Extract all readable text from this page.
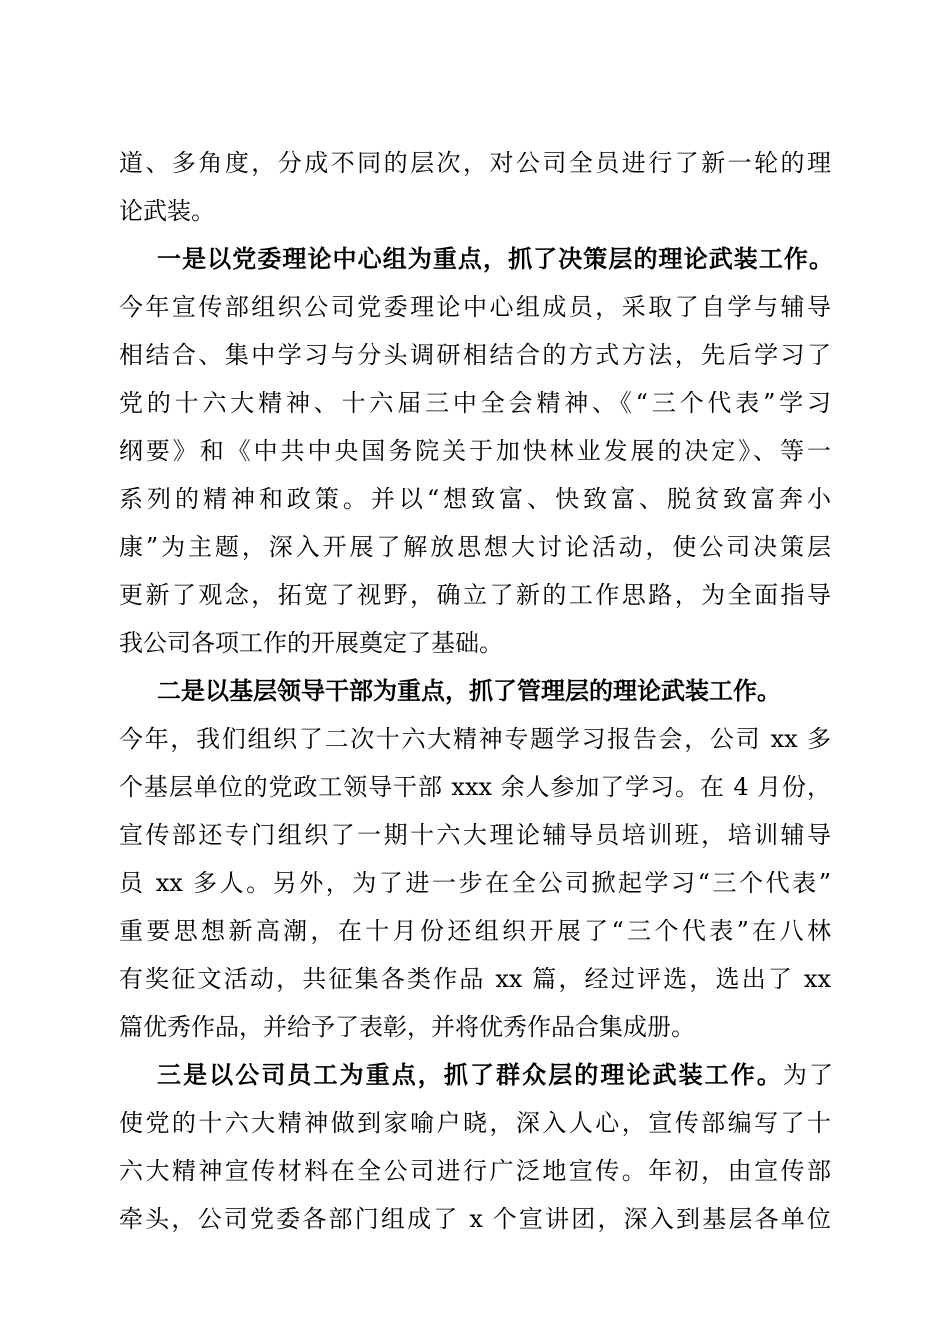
道、多角度，分成不同的层次，对公司全员进行了新一轮的理
论武装。
一是以党委理论中心组为重点，抓了决策层的理论武装工作。
今年宣传部组织公司党委理论中心组成员，采取了自学与辅导
相结合、集中学习与分头调研相结合的方式方法，先后学习了
党的十六大精神、十六届三中全会精神、《“三个代表”学习
纲要》和《中共中央国务院关于加快林业发展的决定》、等一
系列的精神和政策。并以“想致富、快致富、脱贫致富奔小
康”为主题，深入开展了解放思想大讨论活动，使公司决策层
更新了观念，拓宽了视野，确立了新的工作思路，为全面指导
我公司各项工作的开展奠定了基础。
二是以基层领导干部为重点，抓了管理层的理论武装工作。
今年，我们组织了二次十六大精神专题学习报告会，公司 xx 多
个基层单位的党政工领导干部 xxx 余人参加了学习。在 4 月份，
宣传部还专门组织了一期十六大理论辅导员培训班，培训辅导
员 xx 多人。另外，为了进一步在全公司掀起学习“三个代表”
重要思想新高潮，在十月份还组织开展了“三个代表”在八林
有奖征文活动，共征集各类作品 xx 篇，经过评选，选出了 xx
篇优秀作品，并给予了表彰，并将优秀作品合集成册。
三是以公司员工为重点，抓了群众层的理论武装工作。为了
使党的十六大精神做到家喻户晓，深入人心，宣传部编写了十
六大精神宣传材料在全公司进行广泛地宣传。年初，由宣传部
牵头，公司党委各部门组成了 x 个宣讲团，深入到基层各单位
